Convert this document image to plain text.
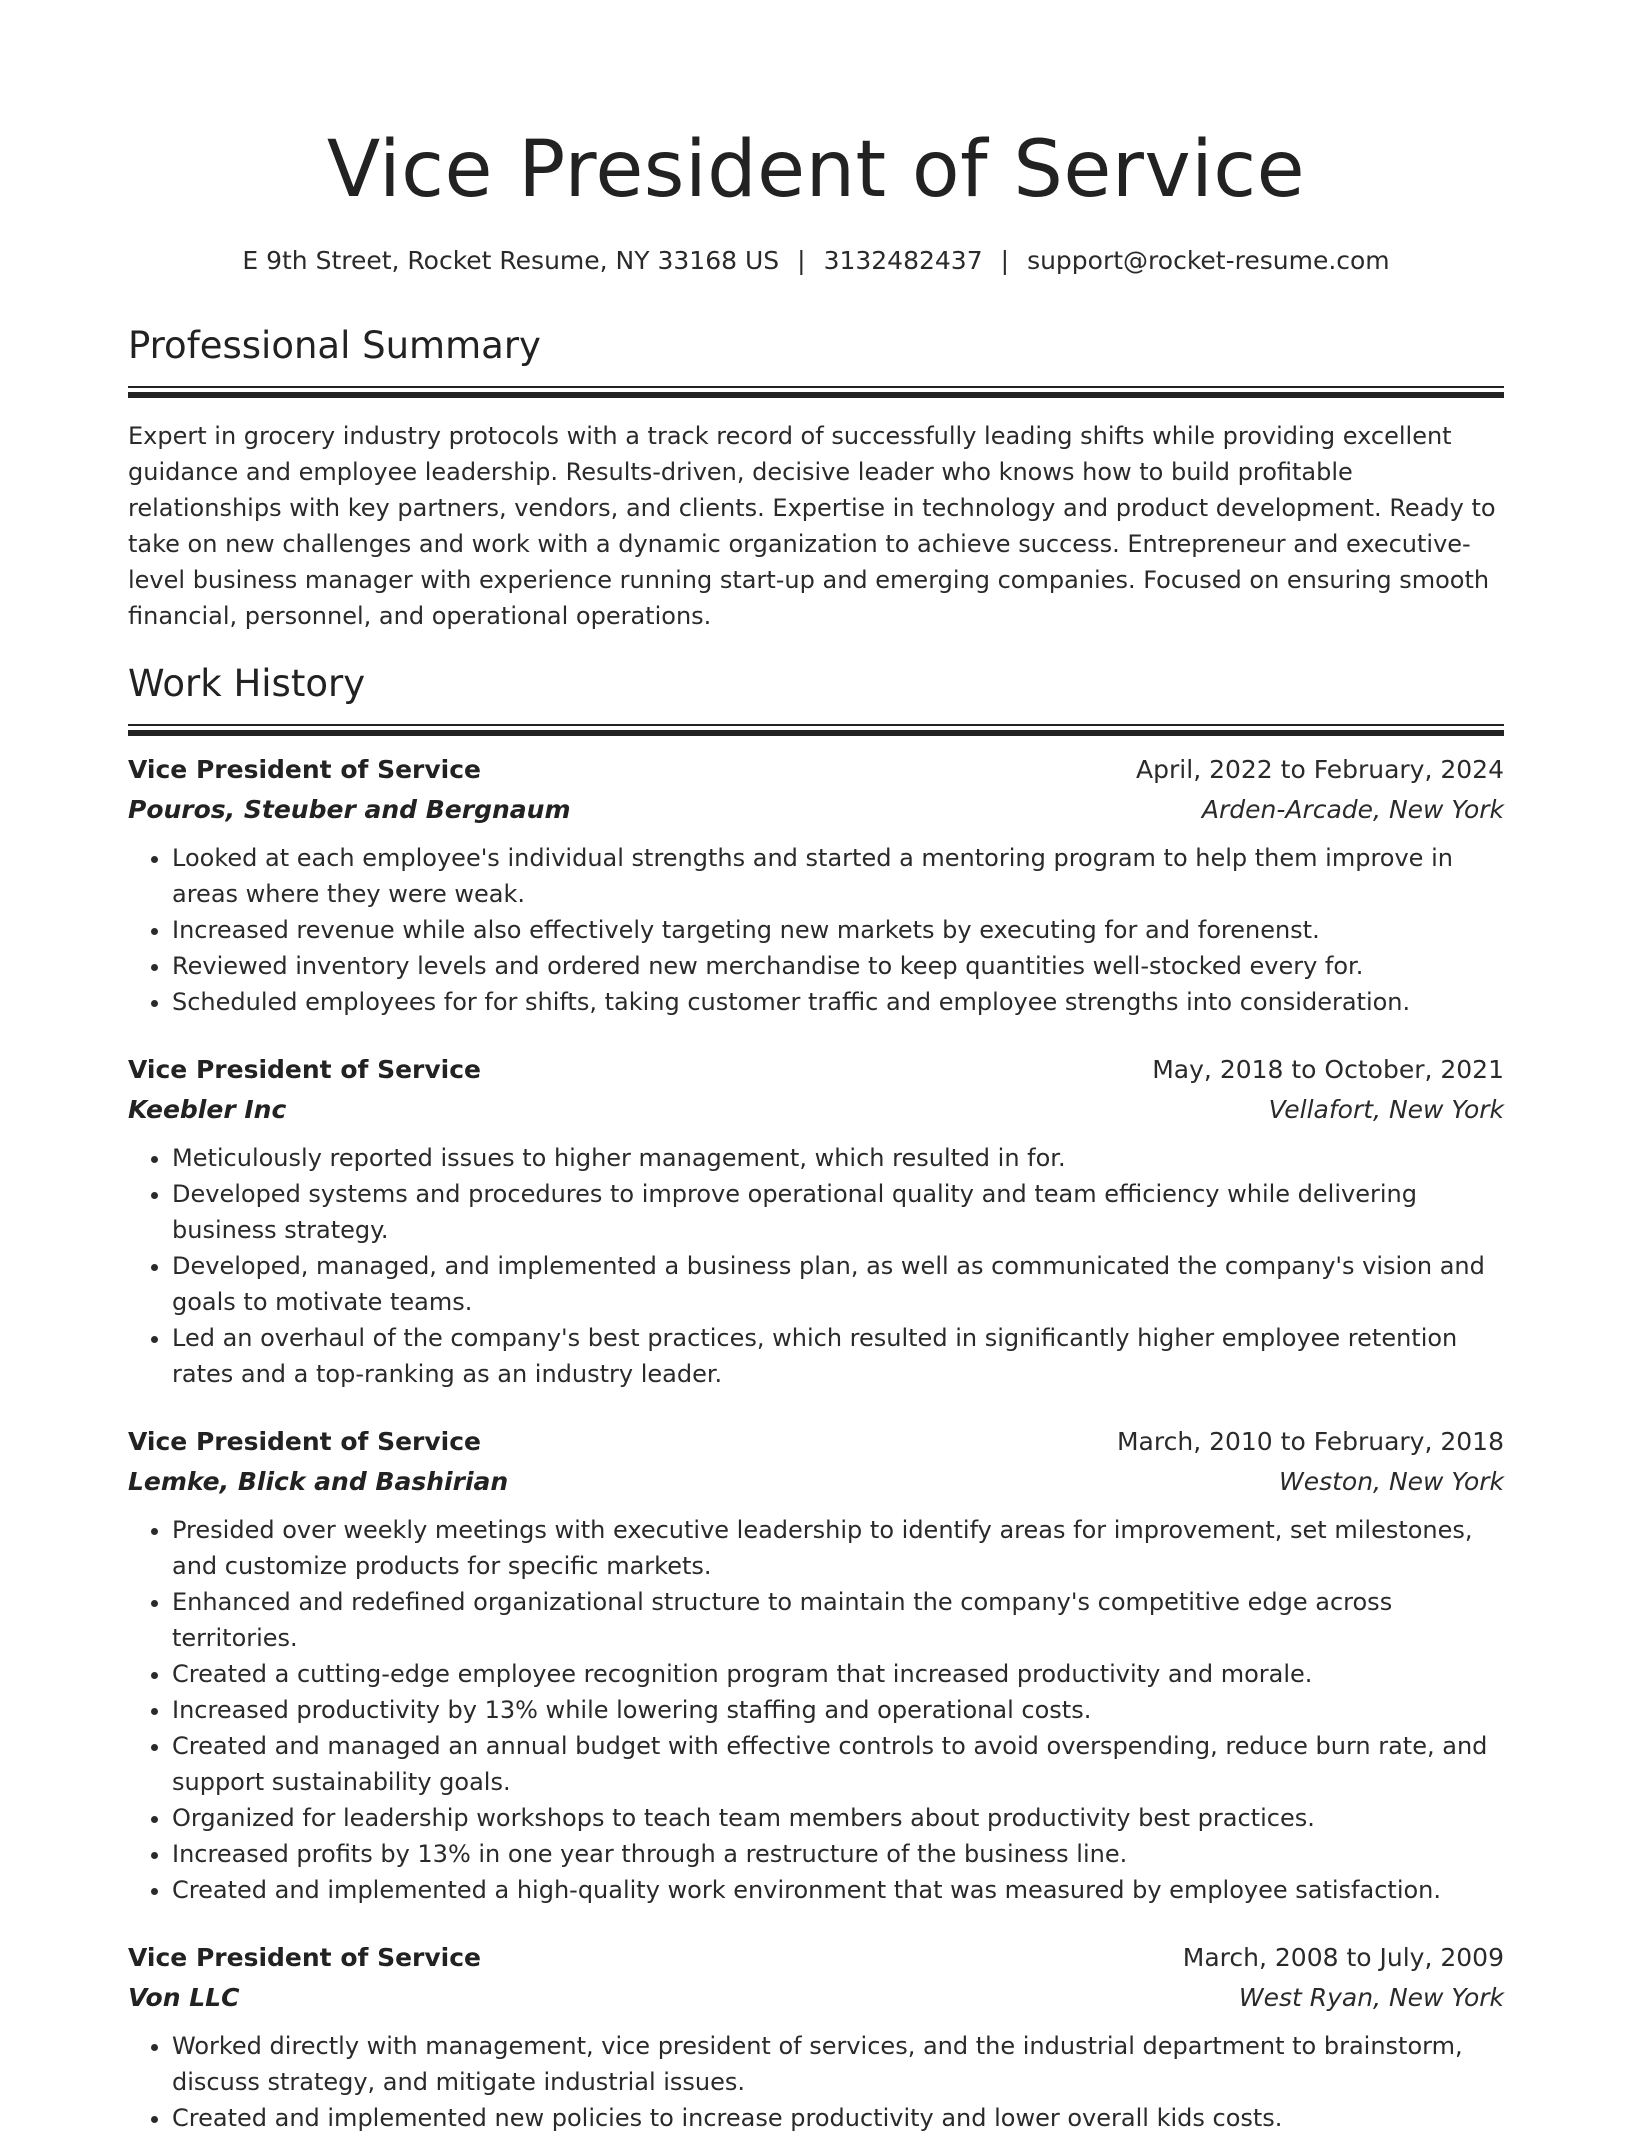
Vice President of Service
E 9th Street, Rocket Resume, NY 33168 US | 3132482437 | support@rocket-resume.com
Professional Summary

Expert in grocery industry protocols with a track record of successfully leading shifts while providing excellent guidance and employee leadership. Results-driven, decisive leader who knows how to build profitable relationships with key partners, vendors, and clients. Expertise in technology and product development. Ready to take on new challenges and work with a dynamic organization to achieve success. Entrepreneur and executive-level business manager with experience running start-up and emerging companies. Focused on ensuring smooth financial, personnel, and operational operations.

Work History
Vice President of Service	April, 2022 to February, 2024
Pouros, Steuber and Bergnaum	Arden-Arcade, New York
• Looked at each employee's individual strengths and started a mentoring program to help them improve in areas where they were weak.
• Increased revenue while also effectively targeting new markets by executing for and forenenst.
• Reviewed inventory levels and ordered new merchandise to keep quantities well-stocked every for.
• Scheduled employees for for shifts, taking customer traffic and employee strengths into consideration.
Vice President of Service	May, 2018 to October, 2021
Keebler Inc	Vellafort, New York
• Meticulously reported issues to higher management, which resulted in for.
• Developed systems and procedures to improve operational quality and team efficiency while delivering business strategy.
• Developed, managed, and implemented a business plan, as well as communicated the company's vision and goals to motivate teams.
• Led an overhaul of the company's best practices, which resulted in significantly higher employee retention rates and a top-ranking as an industry leader.
Vice President of Service	March, 2010 to February, 2018
Lemke, Blick and Bashirian	Weston, New York
• Presided over weekly meetings with executive leadership to identify areas for improvement, set milestones, and customize products for specific markets.
• Enhanced and redefined organizational structure to maintain the company's competitive edge across territories.
• Created a cutting-edge employee recognition program that increased productivity and morale.
• Increased productivity by 13% while lowering staffing and operational costs.
• Created and managed an annual budget with effective controls to avoid overspending, reduce burn rate, and support sustainability goals.
• Organized for leadership workshops to teach team members about productivity best practices.
• Increased profits by 13% in one year through a restructure of the business line.
• Created and implemented a high-quality work environment that was measured by employee satisfaction.
Vice President of Service	March, 2008 to July, 2009
Von LLC	West Ryan, New York
• Worked directly with management, vice president of services, and the industrial department to brainstorm, discuss strategy, and mitigate industrial issues.
• Created and implemented new policies to increase productivity and lower overall kids costs.
